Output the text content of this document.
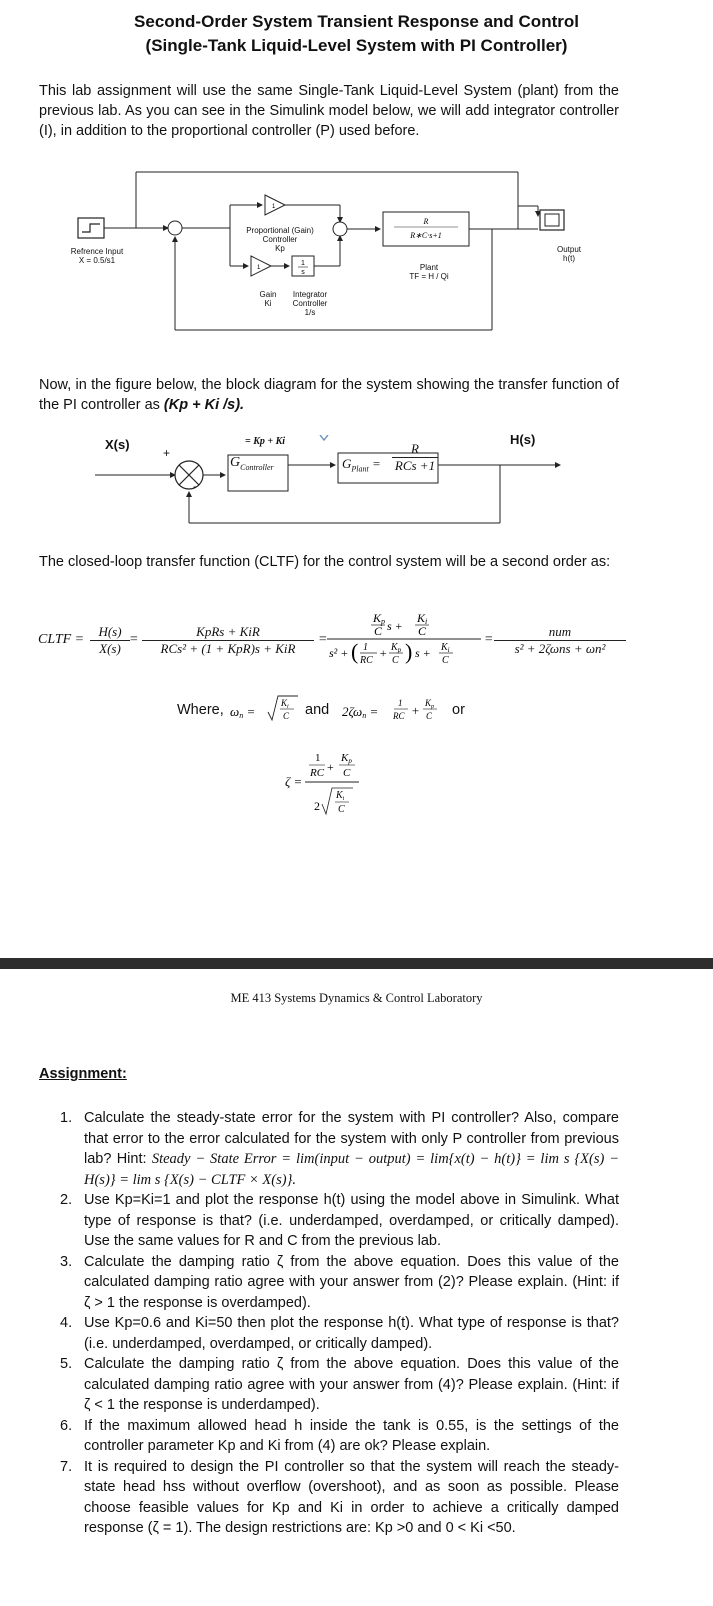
Second-Order System Transient Response and Control
(Single-Tank Liquid-Level System with PI Controller)
This lab assignment will use the same Single-Tank Liquid-Level System (plant) from the previous lab. As you can see in the Simulink model below, we will add integrator controller (I), in addition to the proportional controller (P) used before.
1
1
1
s
R
R∗C·s+1
Refrence Input
X = 0.5/s1
Proportional (Gain)
Controller
Kp
Gain
Ki
Integrator
Controller
1/s
Plant
TF = H / Qi
Output
h(t)
Now, in the figure below, the block diagram for the system showing the transfer function of the PI controller as (Kp + Ki /s).
X(s)	H(s)
+
-
= Kp + Ki
$G_{Controller}$	$G_{Plant}$ =
R
RCs +1
The closed-loop transfer function (CLTF) for the control system will be a second order as:
CLTF =
H(s)
X(s)
=
KpRs + KiR
RCs² + (1 + KpR)s + KiR
=
Kp
C s +
Ki
C
s² + ( 1
RC
+ $K_p$
C ) $s + K_i$
C
=
num
s² + 2ζωns + ωn²
Where, ωn =
$K_i$
C and 2ζωn =
1
RC + $K_p$
C or
ζ =
1
RC +
Kp
C
2
$K_i$
C
ME 413 Systems Dynamics & Control Laboratory
Assignment:
1. Calculate the steady-state error for the system with PI controller? Also, compare that error to the error calculated for the system with only P controller from previous lab? Hint: Steady − State Error = lim(input − output) = lim{x(t) − h(t)} = lim s {X(s) − H(s)} = lim s {X(s) − CLTF × X(s)}.
2. Use Kp=Ki=1 and plot the response h(t) using the model above in Simulink. What type of response is that? (i.e. underdamped, overdamped, or critically damped). Use the same values for R and C from the previous lab.
3. Calculate the damping ratio ζ from the above equation. Does this value of the calculated damping ratio agree with your answer from (2)? Please explain. (Hint: if ζ > 1 the response is overdamped).
4. Use Kp=0.6 and Ki=50 then plot the response h(t). What type of response is that? (i.e. underdamped, overdamped, or critically damped).
5. Calculate the damping ratio ζ from the above equation. Does this value of the calculated damping ratio agree with your answer from (4)? Please explain. (Hint: if ζ < 1 the response is underdamped).
6. If the maximum allowed head h inside the tank is 0.55, is the settings of the controller parameter Kp and Ki from (4) are ok? Please explain.
7. It is required to design the PI controller so that the system will reach the steady-state head hss without overflow (overshoot), and as soon as possible. Please choose feasible values for Kp and Ki in order to achieve a critically damped response (ζ = 1). The design restrictions are: Kp >0 and 0 < Ki <50.
